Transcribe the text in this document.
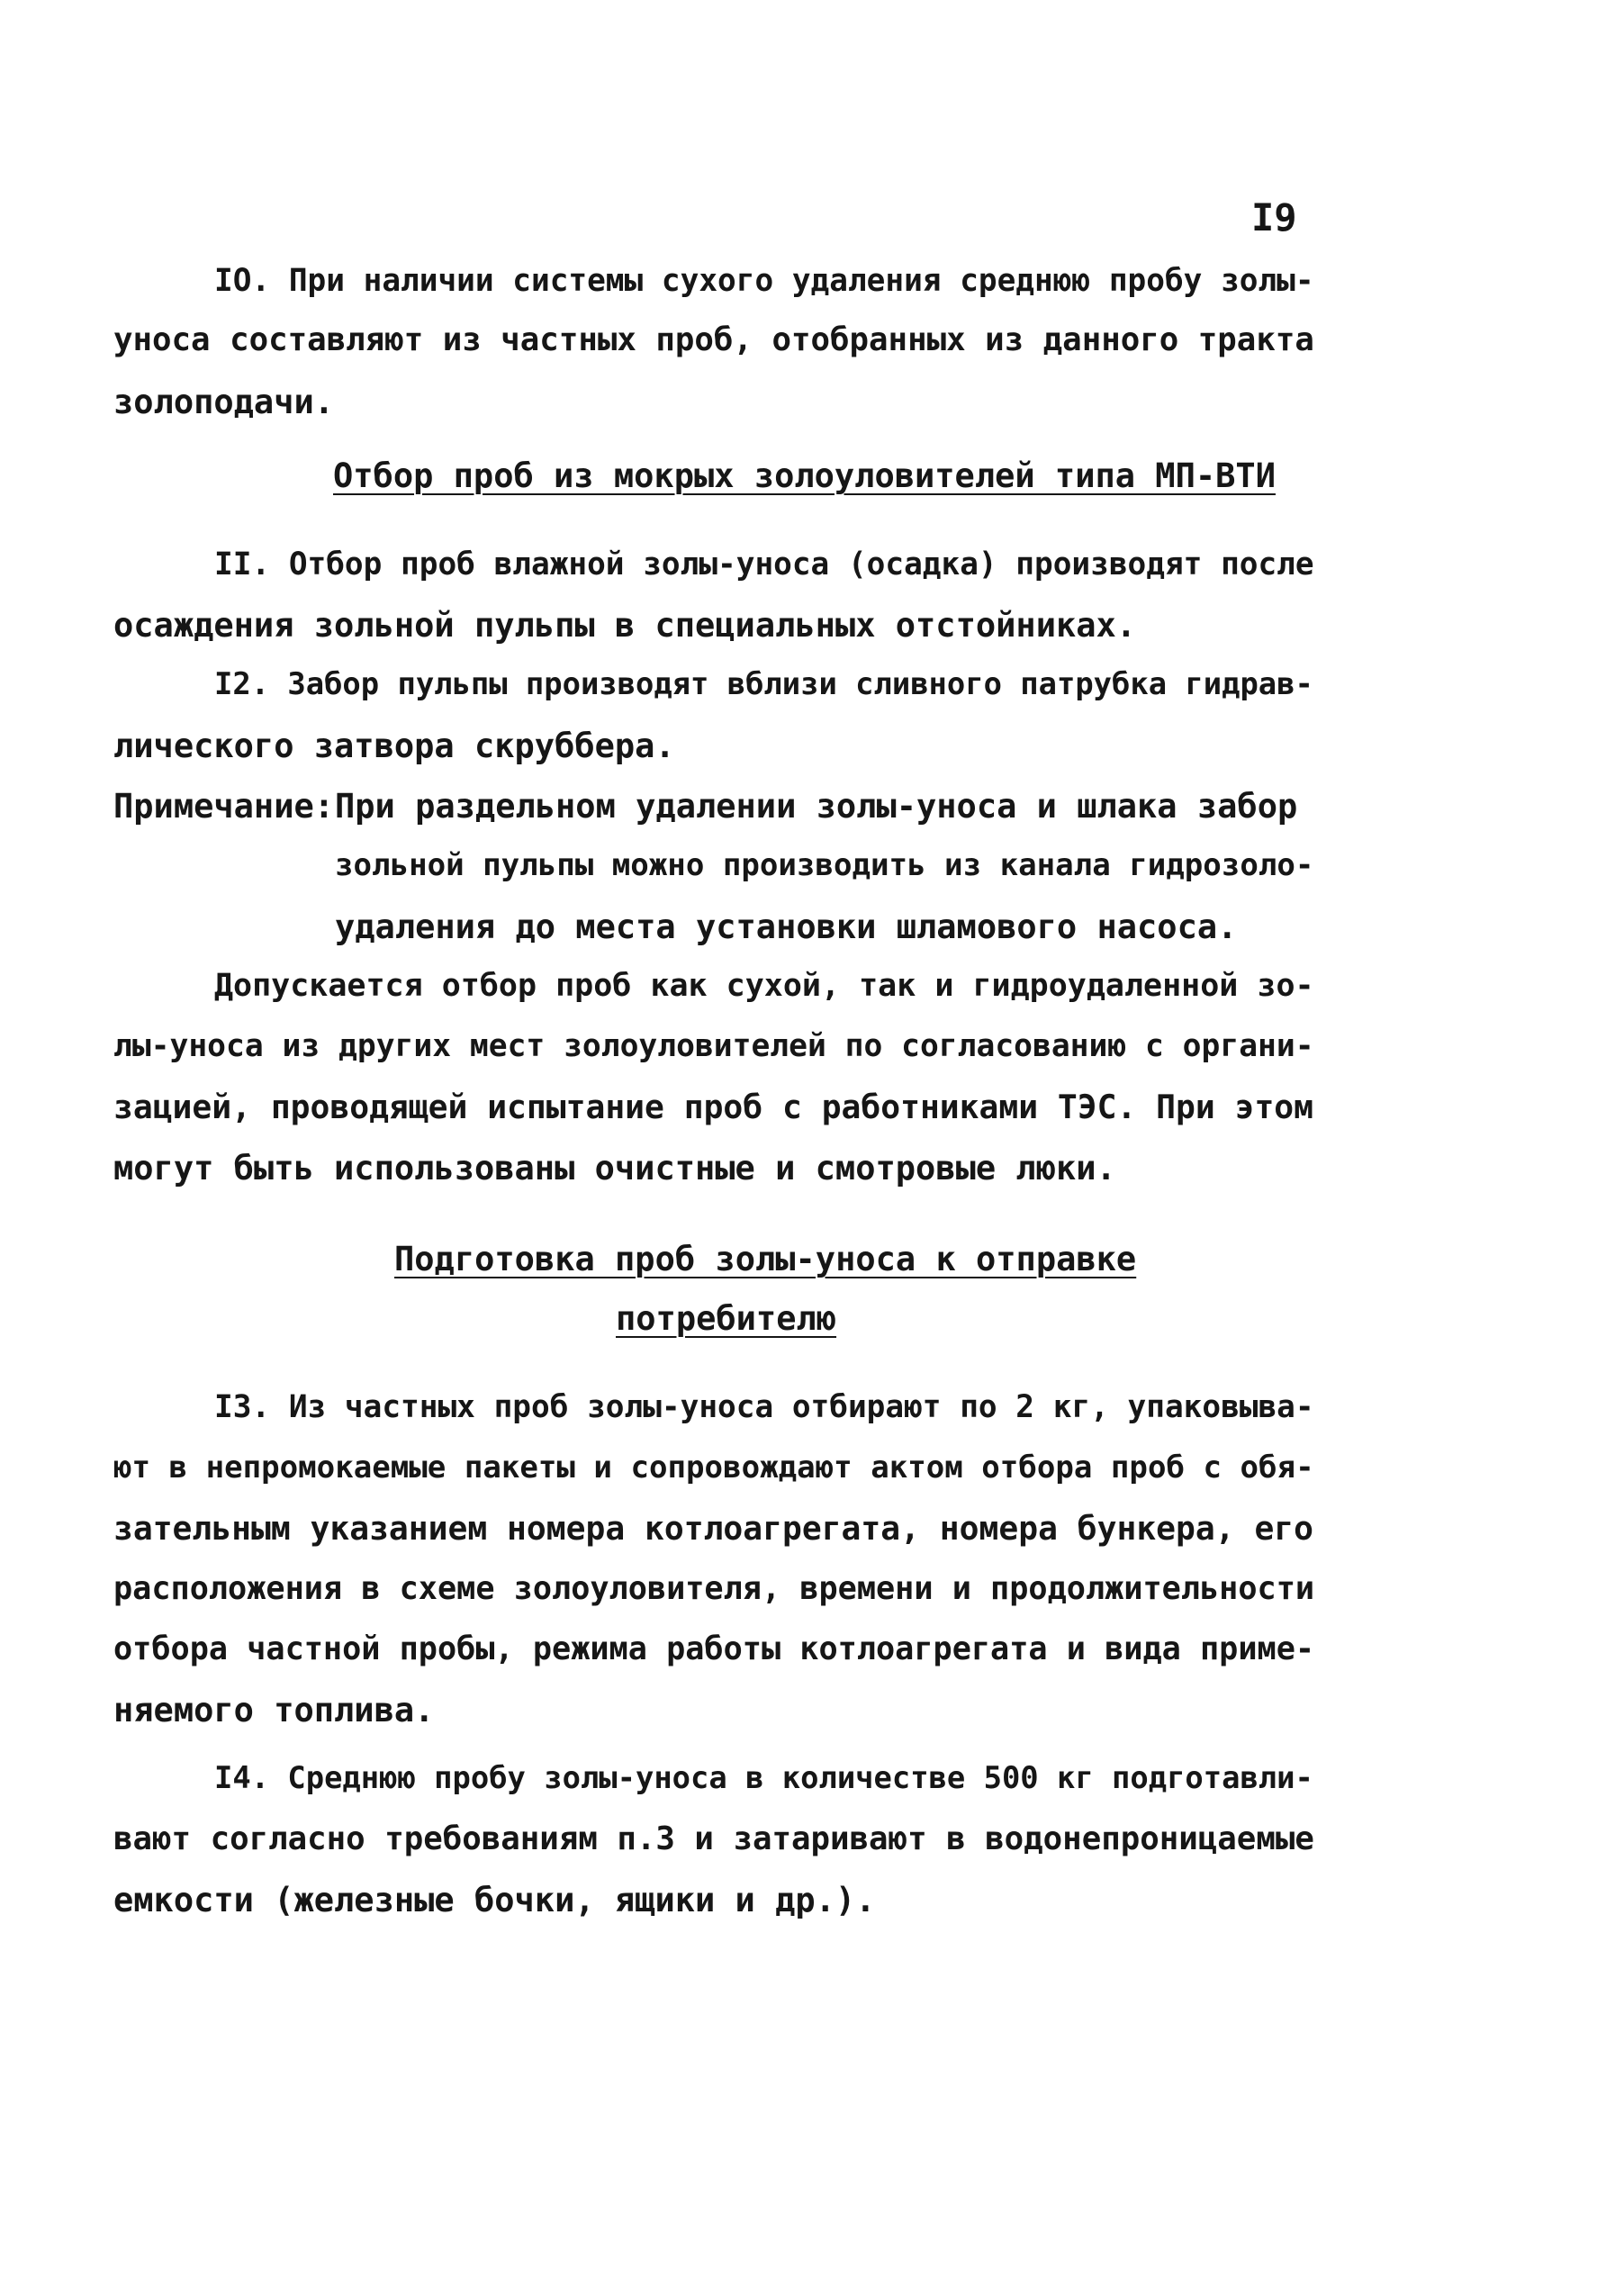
I9
IO. При наличии системы сухого удаления среднюю пробу золы-
уноса составляют из частных проб, отобранных из данного тракта
золоподачи.
Отбор проб из мокрых золоуловителей типа МП-ВТИ
II. Отбор проб влажной золы-уноса (осадка) производят после
осаждения зольной пульпы в специальных отстойниках.
I2. Забор пульпы производят вблизи сливного патрубка гидрав-
лического затвора скруббера.
Примечание: При раздельном удалении золы-уноса и шлака забор
зольной пульпы можно производить из канала гидрозоло-
удаления до места установки шламового насоса.
Допускается отбор проб как сухой, так и гидроудаленной зо-
лы-уноса из других мест золоуловителей по согласованию с органи-
зацией, проводящей испытание проб с работниками ТЭС. При этом
могут быть использованы очистные и смотровые люки.
Подготовка проб золы-уноса к отправке
потребителю
I3. Из частных проб золы-уноса отбирают по 2 кг, упаковыва-
ют в непромокаемые пакеты и сопровождают актом отбора проб с обя-
зательным указанием номера котлоагрегата, номера бункера, его
расположения в схеме золоуловителя, времени и продолжительности
отбора частной пробы, режима работы котлоагрегата и вида приме-
няемого топлива.
I4. Среднюю пробу золы-уноса в количестве 500 кг подготавли-
вают согласно требованиям п.3 и затаривают в водонепроницаемые
емкости (железные бочки, ящики и др.).
